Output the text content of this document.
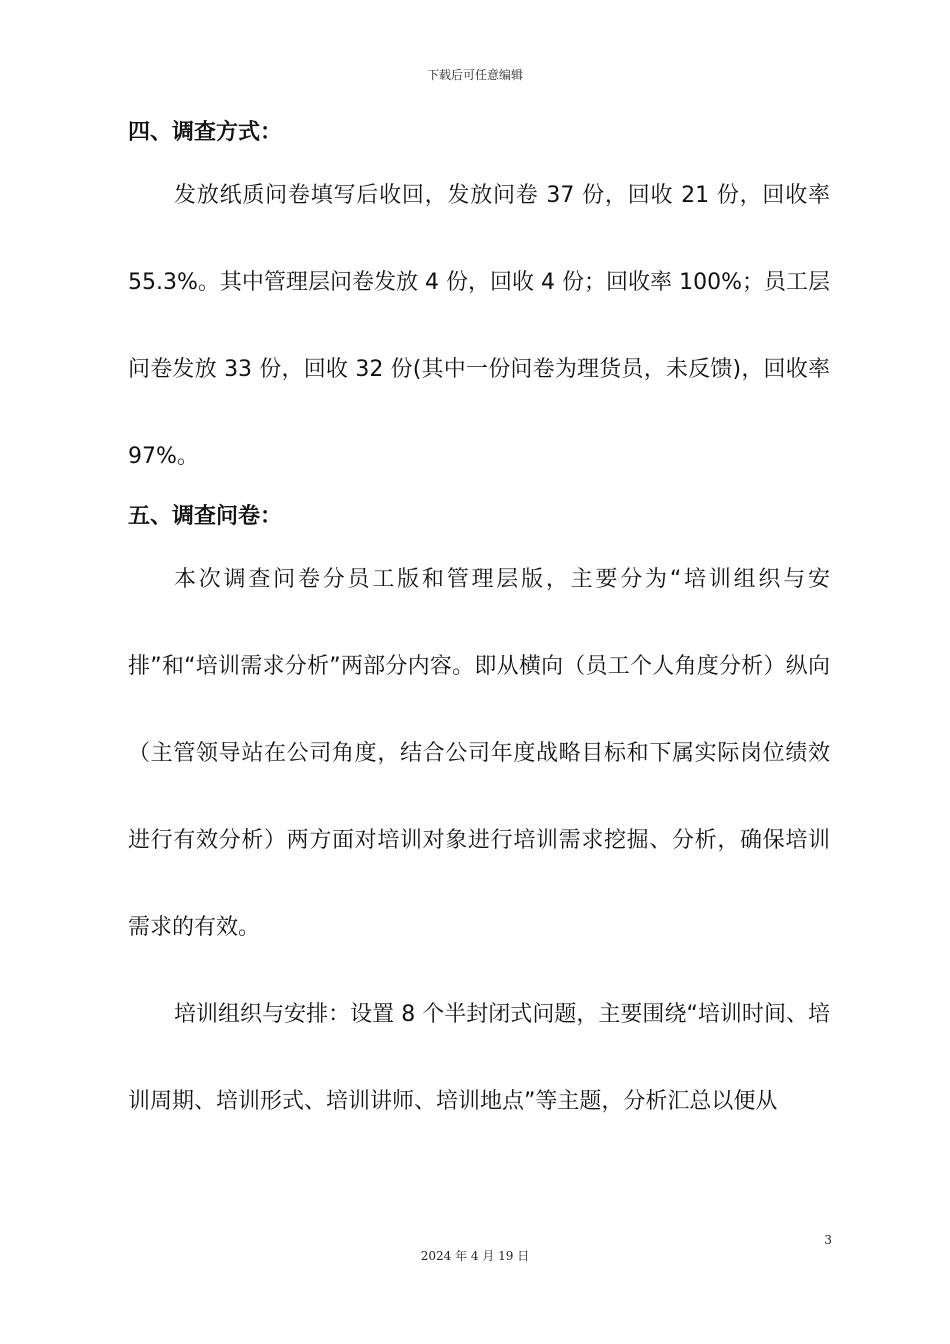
下载后可任意编辑
四、调查方式：

发放纸质问卷填写后收回，发放问卷 37 份，回收 21 份，回收率 55.3%。其中管理层问卷发放 4 份，回收 4 份；回收率 100%；员工层问卷发放 33 份，回收 32 份(其中一份问卷为理货员，未反馈)，回收率 97%。

五、调查问卷：

本次调查问卷分员工版和管理层版，主要分为“培训组织与安排”和“培训需求分析”两部分内容。即从横向（员工个人角度分析）纵向（主管领导站在公司角度，结合公司年度战略目标和下属实际岗位绩效进行有效分析）两方面对培训对象进行培训需求挖掘、分析，确保培训需求的有效。

培训组织与安排：设置 8 个半封闭式问题，主要围绕“培训时间、培训周期、培训形式、培训讲师、培训地点”等主题，分析汇总以便从

3
2024 年 4 月 19 日
